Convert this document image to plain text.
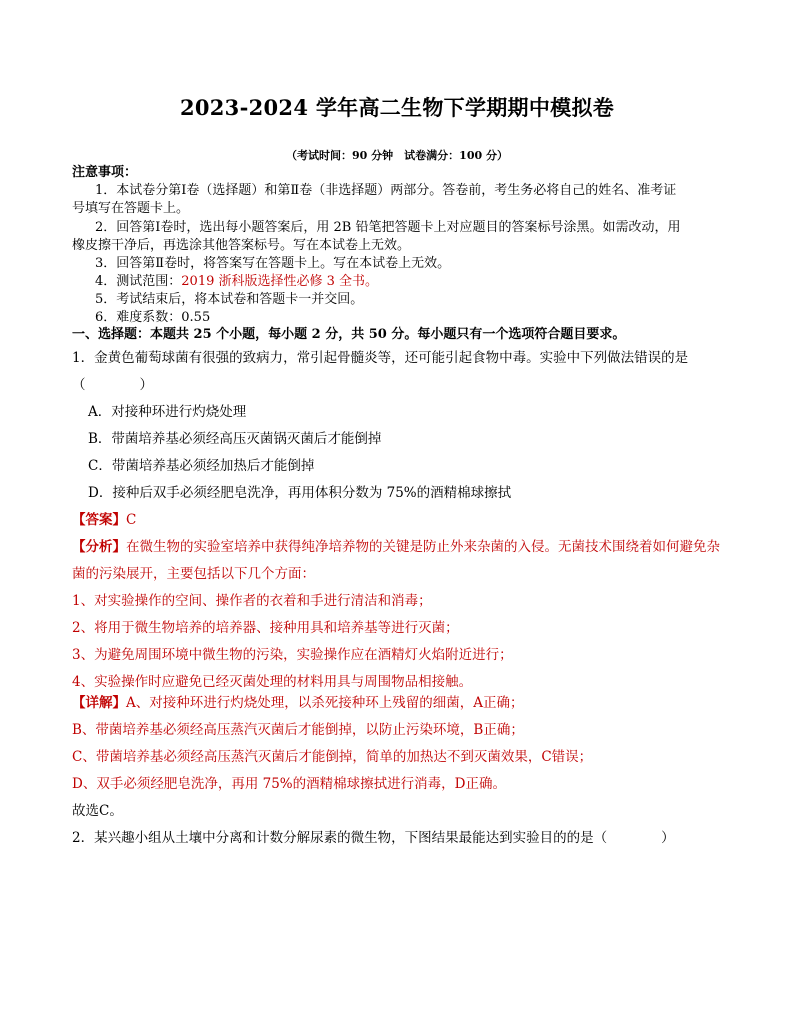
2023-2024 学年高二生物下学期期中模拟卷
（考试时间：90 分钟　试卷满分：100 分）
注意事项：
1．本试卷分第Ⅰ卷（选择题）和第Ⅱ卷（非选择题）两部分。答卷前，考生务必将自己的姓名、准考证
号填写在答题卡上。
2．回答第Ⅰ卷时，选出每小题答案后，用 2B 铅笔把答题卡上对应题目的答案标号涂黑。如需改动，用
橡皮擦干净后，再选涂其他答案标号。写在本试卷上无效。
3．回答第Ⅱ卷时，将答案写在答题卡上。写在本试卷上无效。
4．测试范围：2019 浙科版选择性必修 3 全书。
5．考试结束后，将本试卷和答题卡一并交回。
6．难度系数：0.55
一、选择题：本题共 25 个小题，每小题 2 分，共 50 分。每小题只有一个选项符合题目要求。
1．金黄色葡萄球菌有很强的致病力，常引起骨髓炎等，还可能引起食物中毒。实验中下列做法错误的是
（　　　　）
A．对接种环进行灼烧处理
B．带菌培养基必须经高压灭菌锅灭菌后才能倒掉
C．带菌培养基必须经加热后才能倒掉
D．接种后双手必须经肥皂洗净，再用体积分数为 75%的酒精棉球擦拭
【答案】C
【分析】在微生物的实验室培养中获得纯净培养物的关键是防止外来杂菌的入侵。无菌技术围绕着如何避免杂
菌的污染展开，主要包括以下几个方面：
1、对实验操作的空间、操作者的衣着和手进行清洁和消毒；
2、将用于微生物培养的培养器、接种用具和培养基等进行灭菌；
3、为避免周围环境中微生物的污染，实验操作应在酒精灯火焰附近进行；
4、实验操作时应避免已经灭菌处理的材料用具与周围物品相接触。
【详解】A、对接种环进行灼烧处理，以杀死接种环上残留的细菌，A正确；
B、带菌培养基必须经高压蒸汽灭菌后才能倒掉，以防止污染环境，B正确；
C、带菌培养基必须经高压蒸汽灭菌后才能倒掉，简单的加热达不到灭菌效果，C错误；
D、双手必须经肥皂洗净，再用 75%的酒精棉球擦拭进行消毒，D正确。
故选C。
2．某兴趣小组从土壤中分离和计数分解尿素的微生物，下图结果最能达到实验目的的是（　　　　）
